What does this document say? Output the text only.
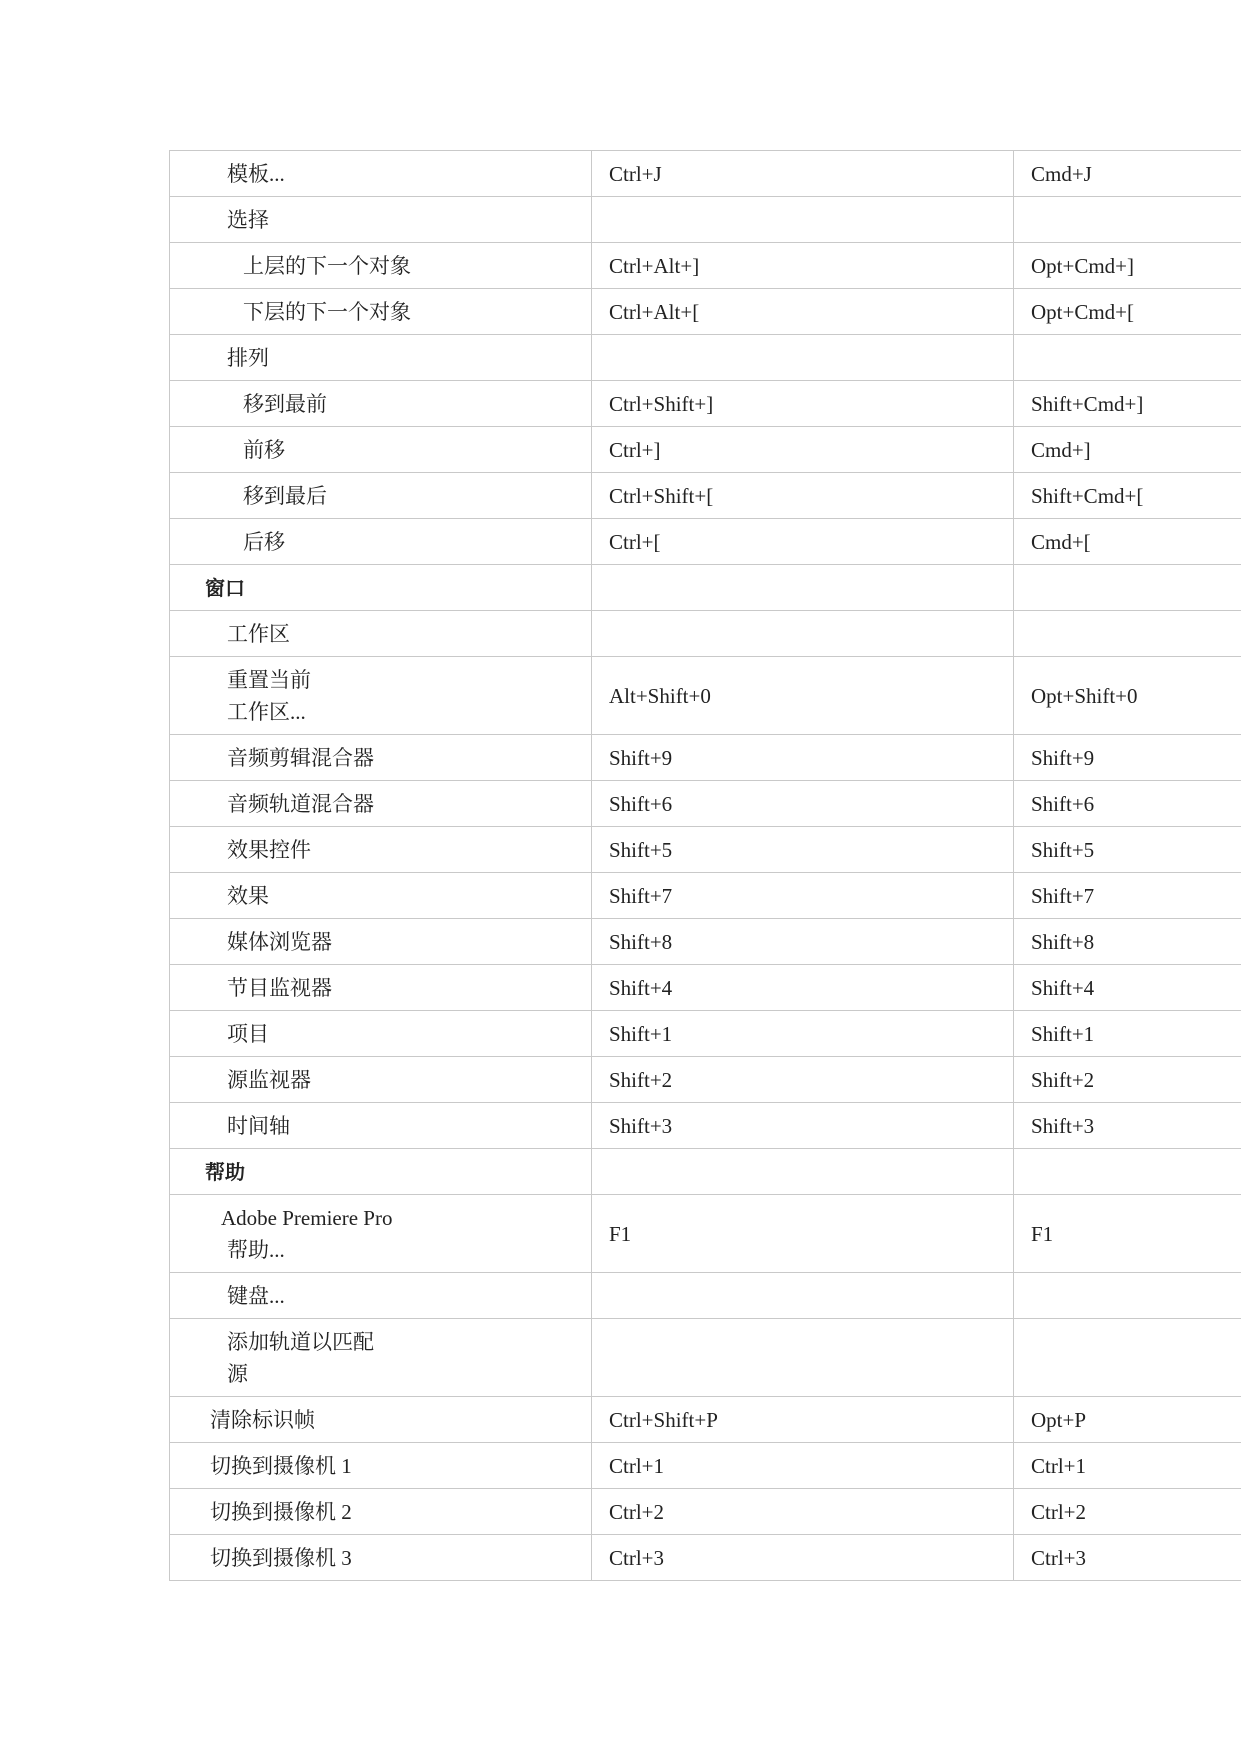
模板...	Ctrl+J	Cmd+J

选择		

上层的下一个对象	Ctrl+Alt+]	Opt+Cmd+]

下层的下一个对象	Ctrl+Alt+[	Opt+Cmd+[

排列		

移到最前	Ctrl+Shift+]	Shift+Cmd+]

前移	Ctrl+]	Cmd+]

移到最后	Ctrl+Shift+[	Shift+Cmd+[

后移	Ctrl+[	Cmd+[

窗口		

工作区		

重置当前
工作区...	Alt+Shift+0	Opt+Shift+0

音频剪辑混合器	Shift+9	Shift+9

音频轨道混合器	Shift+6	Shift+6

效果控件	Shift+5	Shift+5

效果	Shift+7	Shift+7

媒体浏览器	Shift+8	Shift+8

节目监视器	Shift+4	Shift+4

项目	Shift+1	Shift+1

源监视器	Shift+2	Shift+2

时间轴	Shift+3	Shift+3

帮助		

Adobe Premiere Pro
帮助...	F1	F1

键盘...		

添加轨道以匹配
源		

清除标识帧	Ctrl+Shift+P	Opt+P

切换到摄像机 1	Ctrl+1	Ctrl+1

切换到摄像机 2	Ctrl+2	Ctrl+2

切换到摄像机 3	Ctrl+3	Ctrl+3
